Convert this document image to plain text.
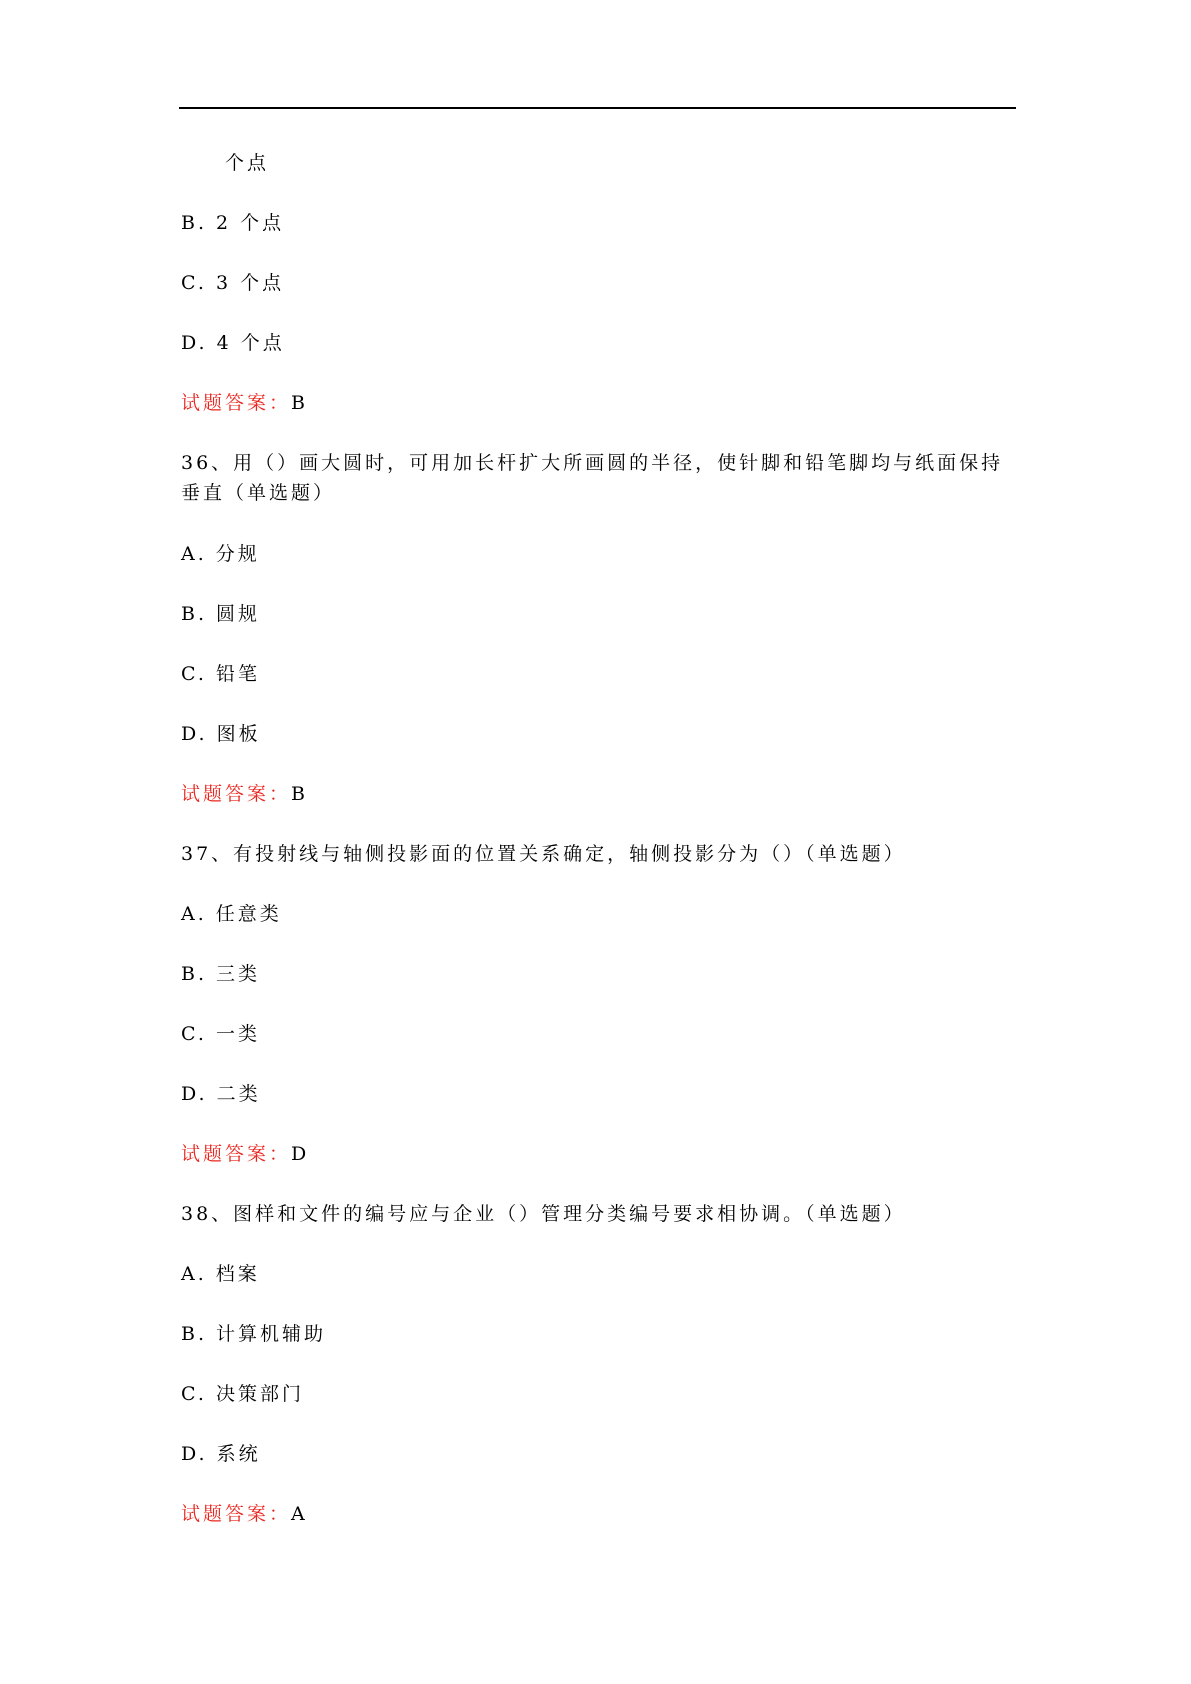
个点
B. 2 个点
C. 3 个点
D. 4 个点
试题答案：B
36、用（）画大圆时，可用加长杆扩大所画圆的半径，使针脚和铅笔脚均与纸面保持垂直（单选题）
A. 分规
B. 圆规
C. 铅笔
D. 图板
试题答案：B
37、有投射线与轴侧投影面的位置关系确定，轴侧投影分为（）（单选题）
A. 任意类
B. 三类
C. 一类
D. 二类
试题答案：D
38、图样和文件的编号应与企业（）管理分类编号要求相协调。（单选题）
A. 档案
B. 计算机辅助
C. 决策部门
D. 系统
试题答案：A
